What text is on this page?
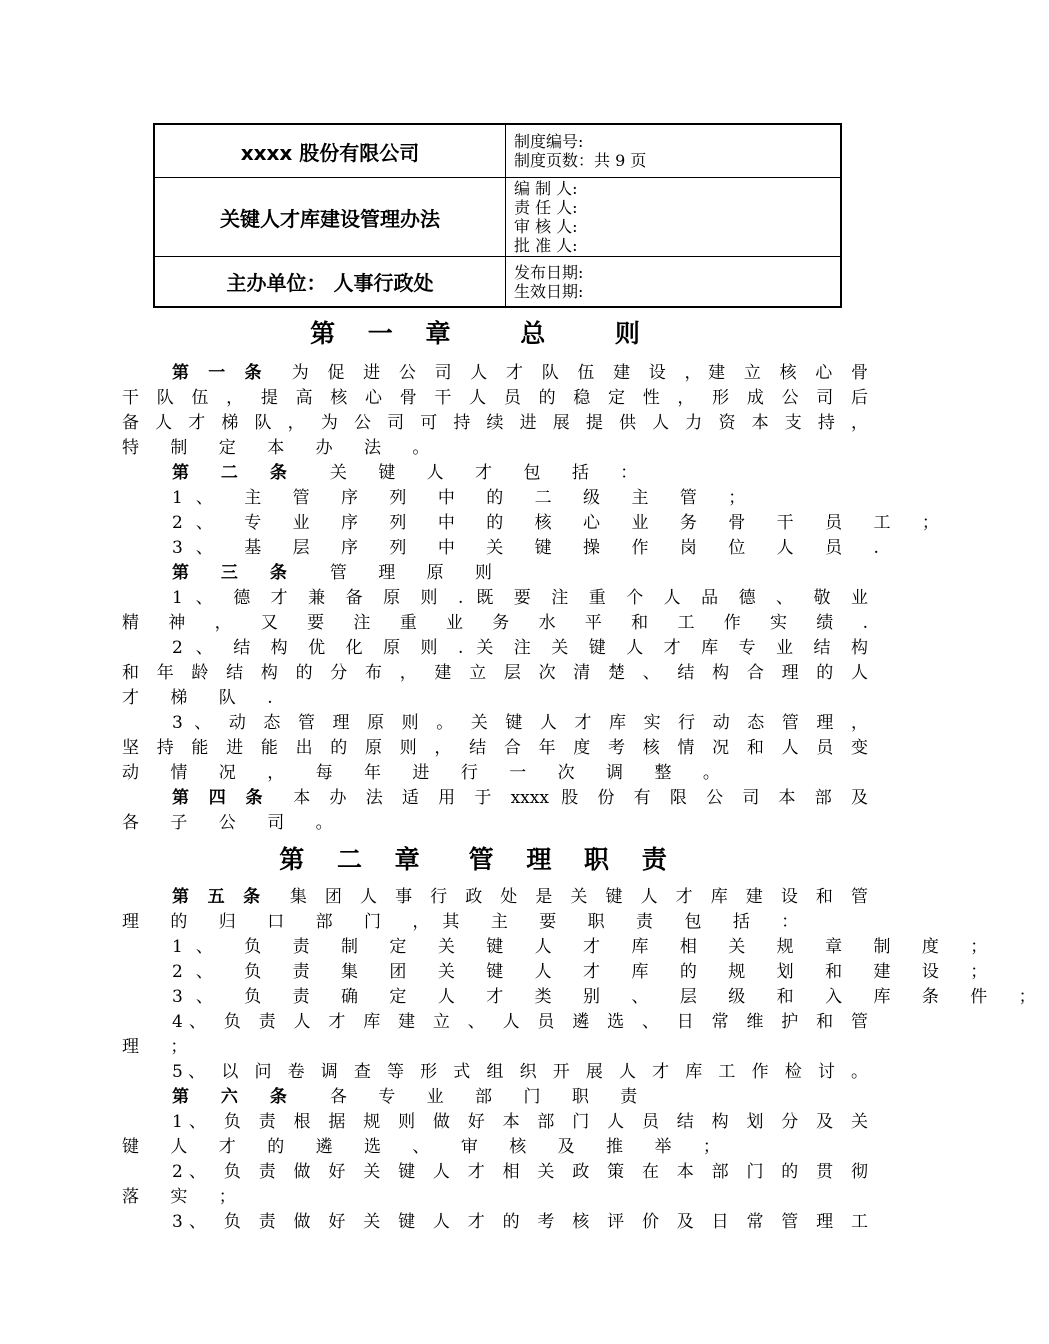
xxxx 股份有限公司	制度编号:
制度页数：共 9 页

关键人才库建设管理办法	编 制 人:
责 任 人:
审 核 人:
批 准 人:

主办单位： 人事行政处	发布日期:
生效日期:
第 一 章　 总　 则
第 二 章　管 理 职 责
第 一 条　为 促 进 公 司 人 才 队 伍 建 设 ，建 立 核 心 骨
干 队 伍 ， 提 高 核 心 骨 干 人 员 的 稳 定 性 ， 形 成 公 司 后
备 人 才 梯 队 ， 为 公 司 可 持 续 进 展 提 供 人 力 资 本 支 持 ，
特 制 定 本 办 法 。
第 二 条　关 键 人 才 包 括 ：
1、 主 管 序 列 中 的 二 级 主 管 ；
2、 专 业 序 列 中 的 核 心 业 务 骨 干 员 工 ；
3、 基 层 序 列 中 关 键 操 作 岗 位 人 员 .
第 三 条　管 理 原 则
1 、 德 才 兼 备 原 则 . 既 要 注 重 个 人 品 德 、 敬 业
精 神 ， 又 要 注 重 业 务 水 平 和 工 作 实 绩 .
2 、 结 构 优 化 原 则 . 关 注 关 键 人 才 库 专 业 结 构
和 年 龄 结 构 的 分 布 ， 建 立 层 次 清 楚 、 结 构 合 理 的 人
才 梯 队 .
3 、 动 态 管 理 原 则 。 关 键 人 才 库 实 行 动 态 管 理 ，
坚 持 能 进 能 出 的 原 则 ， 结 合 年 度 考 核 情 况 和 人 员 变
动 情 况 ， 每 年 进 行 一 次 调 整 。
第 四 条　本 办 法 适 用 于 xxxx 股 份 有 限 公 司 本 部 及
各 子 公 司 。
第 五 条　集 团 人 事 行 政 处 是 关 键 人 才 库 建 设 和 管
理 的 归 口 部 门 ，其 主 要 职 责 包 括 ：
1、 负 责 制 定 关 键 人 才 库 相 关 规 章 制 度 ；
2、 负 责 集 团 关 键 人 才 库 的 规 划 和 建 设 ；
3、 负 责 确 定 人 才 类 别 、 层 级 和 入 库 条 件 ；
4、 负 责 人 才 库 建 立 、 人 员 遴 选 、 日 常 维 护 和 管
理 ；
5、 以 问 卷 调 查 等 形 式 组 织 开 展 人 才 库 工 作 检 讨 。
第 六 条　各 专 业 部 门 职 责
1、 负 责 根 据 规 则 做 好 本 部 门 人 员 结 构 划 分 及 关
键 人 才 的 遴 选 、 审 核 及 推 举 ；
2、 负 责 做 好 关 键 人 才 相 关 政 策 在 本 部 门 的 贯 彻
落 实 ；
3、 负 责 做 好 关 键 人 才 的 考 核 评 价 及 日 常 管 理 工
